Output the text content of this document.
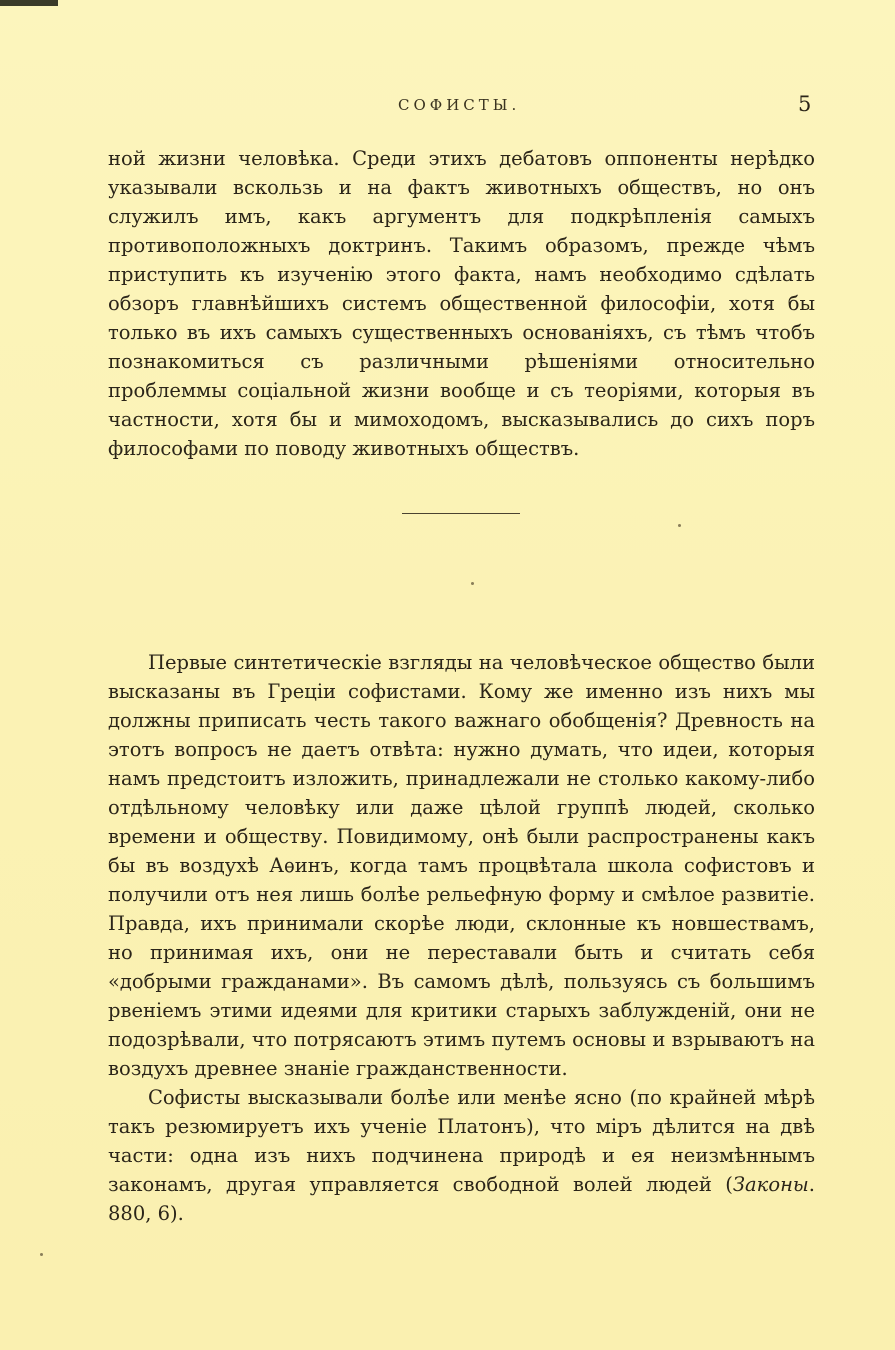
СОФИСТЫ.	5

ной жизни человѣка. Среди этихъ дебатовъ оппоненты нерѣдко указывали вскользь и на фактъ животныхъ обществъ, но онъ служилъ имъ, какъ аргументъ для подкрѣпленія самыхъ противоположныхъ доктринъ. Такимъ образомъ, прежде чѣмъ приступить къ изученію этого факта, намъ необходимо сдѣлать обзоръ главнѣйшихъ системъ общественной философіи, хотя бы только въ ихъ самыхъ существенныхъ основаніяхъ, съ тѣмъ чтобъ познакомиться съ различными рѣшеніями относительно проблеммы соціальной жизни вообще и съ теоріями, которыя въ частности, хотя бы и мимоходомъ, высказывались до сихъ поръ философами по поводу животныхъ обществъ.

Первые синтетическіе взгляды на человѣческое общество были высказаны въ Греціи софистами. Кому же именно изъ нихъ мы должны приписать честь такого важнаго обобщенія? Древность на этотъ вопросъ не даетъ отвѣта: нужно думать, что идеи, которыя намъ предстоитъ изложить, принадлежали не столько какому-либо отдѣльному человѣку или даже цѣлой группѣ людей, сколько времени и обществу. Повидимому, онѣ были распространены какъ бы въ воздухѣ Аѳинъ, когда тамъ процвѣтала школа софистовъ и получили отъ нея лишь болѣе рельефную форму и смѣлое развитіе. Правда, ихъ принимали скорѣе люди, склонные къ новшествамъ, но принимая ихъ, они не переставали быть и считать себя «добрыми гражданами». Въ самомъ дѣлѣ, пользуясь съ большимъ рвеніемъ этими идеями для критики старыхъ заблужденій, они не подозрѣвали, что потрясаютъ этимъ путемъ основы и взрываютъ на воздухъ древнее знаніе гражданственности.

Софисты высказывали болѣе или менѣе ясно (по крайней мѣрѣ такъ резюмируетъ ихъ ученіе Платонъ), что міръ дѣлится на двѣ части: одна изъ нихъ подчинена природѣ и ея неизмѣннымъ законамъ, другая управляется свободной волей людей (Законы. 880, 6).
